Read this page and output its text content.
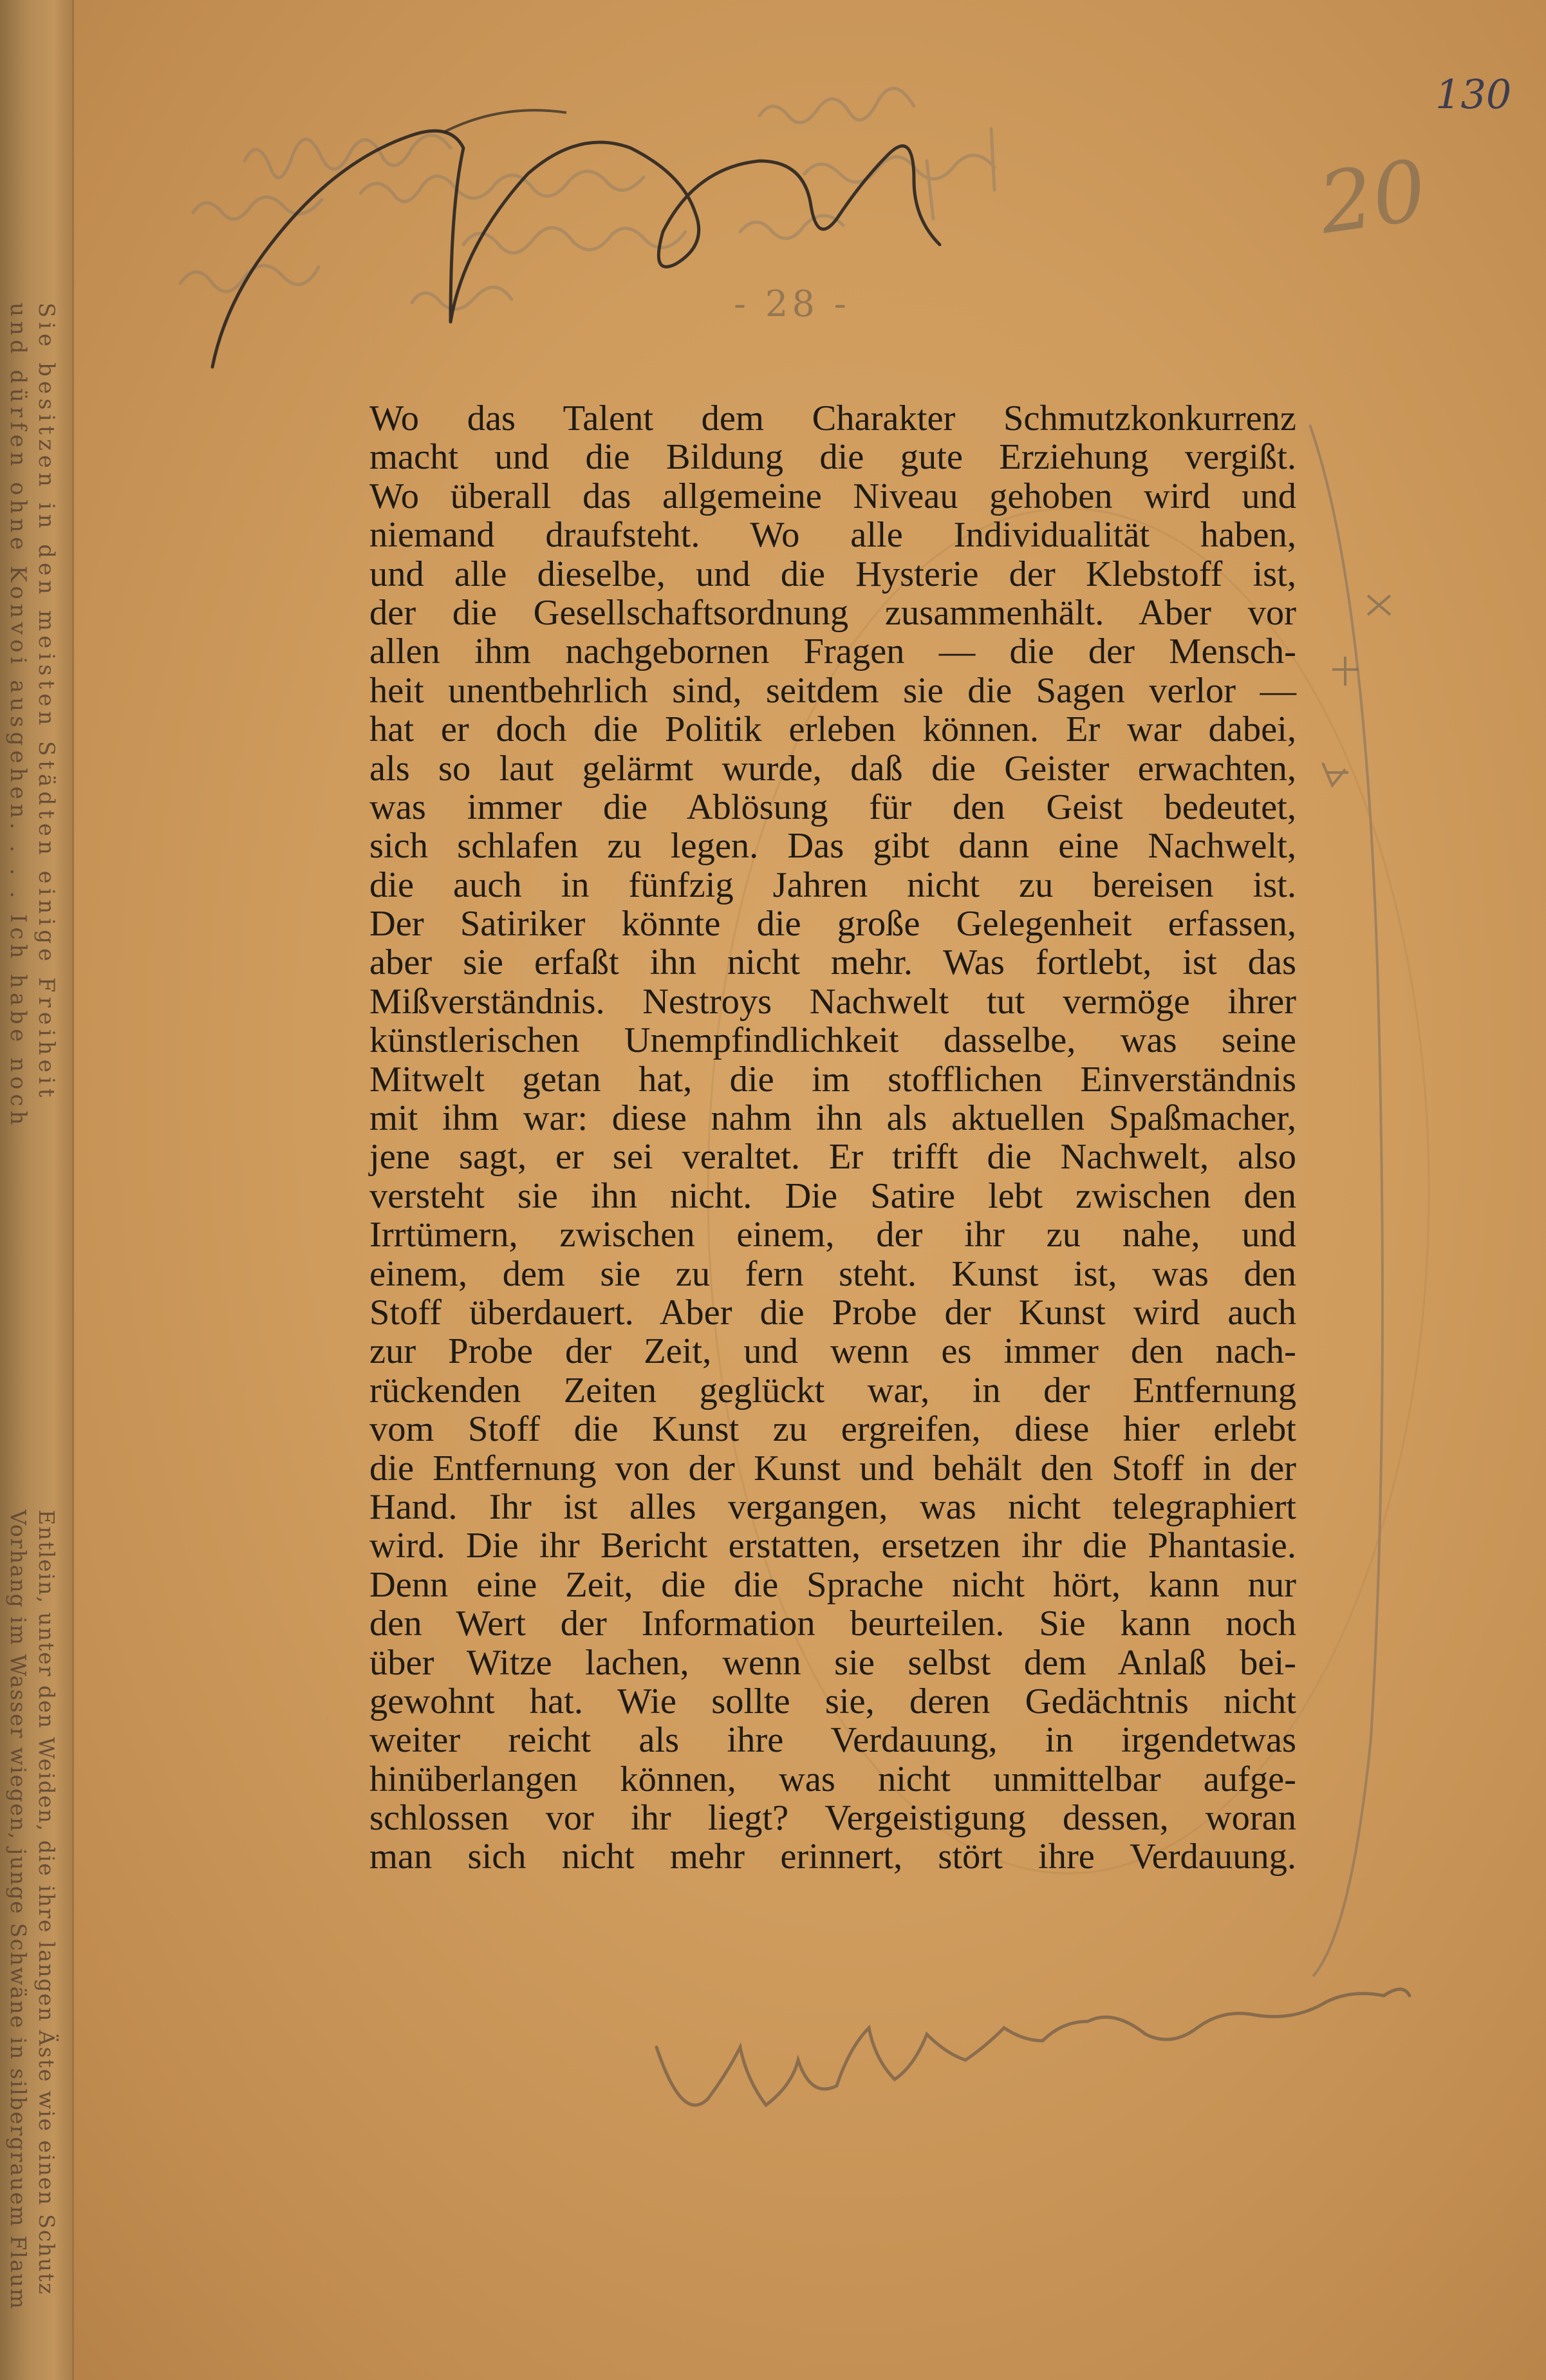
Sie besitzen in den meisten Städten einige Freiheit
und dürfen ohne Konvoi ausgehen. . . . Ich habe noch
Entlein, unter den Weiden, die ihre langen Äste wie einen Schutz
Vorhang im Wasser wiegen, junge Schwäne in silbergrauem Flaum
130
20
- 28 -
Wo das Talent dem Charakter Schmutzkonkurrenz
macht und die Bildung die gute Erziehung vergißt.
Wo überall das allgemeine Niveau gehoben wird und
niemand draufsteht. Wo alle Individualität haben,
und alle dieselbe, und die Hysterie der Klebstoff ist,
der die Gesellschaftsordnung zusammenhält. Aber vor
allen ihm nachgebornen Fragen — die der Mensch-
heit unentbehrlich sind, seitdem sie die Sagen verlor —
hat er doch die Politik erleben können. Er war dabei,
als so laut gelärmt wurde, daß die Geister erwachten,
was immer die Ablösung für den Geist bedeutet,
sich schlafen zu legen. Das gibt dann eine Nachwelt,
die auch in fünfzig Jahren nicht zu bereisen ist.
Der Satiriker könnte die große Gelegenheit erfassen,
aber sie erfaßt ihn nicht mehr. Was fortlebt, ist das
Mißverständnis. Nestroys Nachwelt tut vermöge ihrer
künstlerischen Unempfindlichkeit dasselbe, was seine
Mitwelt getan hat, die im stofflichen Einverständnis
mit ihm war: diese nahm ihn als aktuellen Spaßmacher,
jene sagt, er sei veraltet. Er trifft die Nachwelt, also
versteht sie ihn nicht. Die Satire lebt zwischen den
Irrtümern, zwischen einem, der ihr zu nahe, und
einem, dem sie zu fern steht. Kunst ist, was den
Stoff überdauert. Aber die Probe der Kunst wird auch
zur Probe der Zeit, und wenn es immer den nach-
rückenden Zeiten geglückt war, in der Entfernung
vom Stoff die Kunst zu ergreifen, diese hier erlebt
die Entfernung von der Kunst und behält den Stoff in der
Hand. Ihr ist alles vergangen, was nicht telegraphiert
wird. Die ihr Bericht erstatten, ersetzen ihr die Phantasie.
Denn eine Zeit, die die Sprache nicht hört, kann nur
den Wert der Information beurteilen. Sie kann noch
über Witze lachen, wenn sie selbst dem Anlaß bei-
gewohnt hat. Wie sollte sie, deren Gedächtnis nicht
weiter reicht als ihre Verdauung, in irgendetwas
hinüberlangen können, was nicht unmittelbar aufge-
schlossen vor ihr liegt? Vergeistigung dessen, woran
man sich nicht mehr erinnert, stört ihre Verdauung.
